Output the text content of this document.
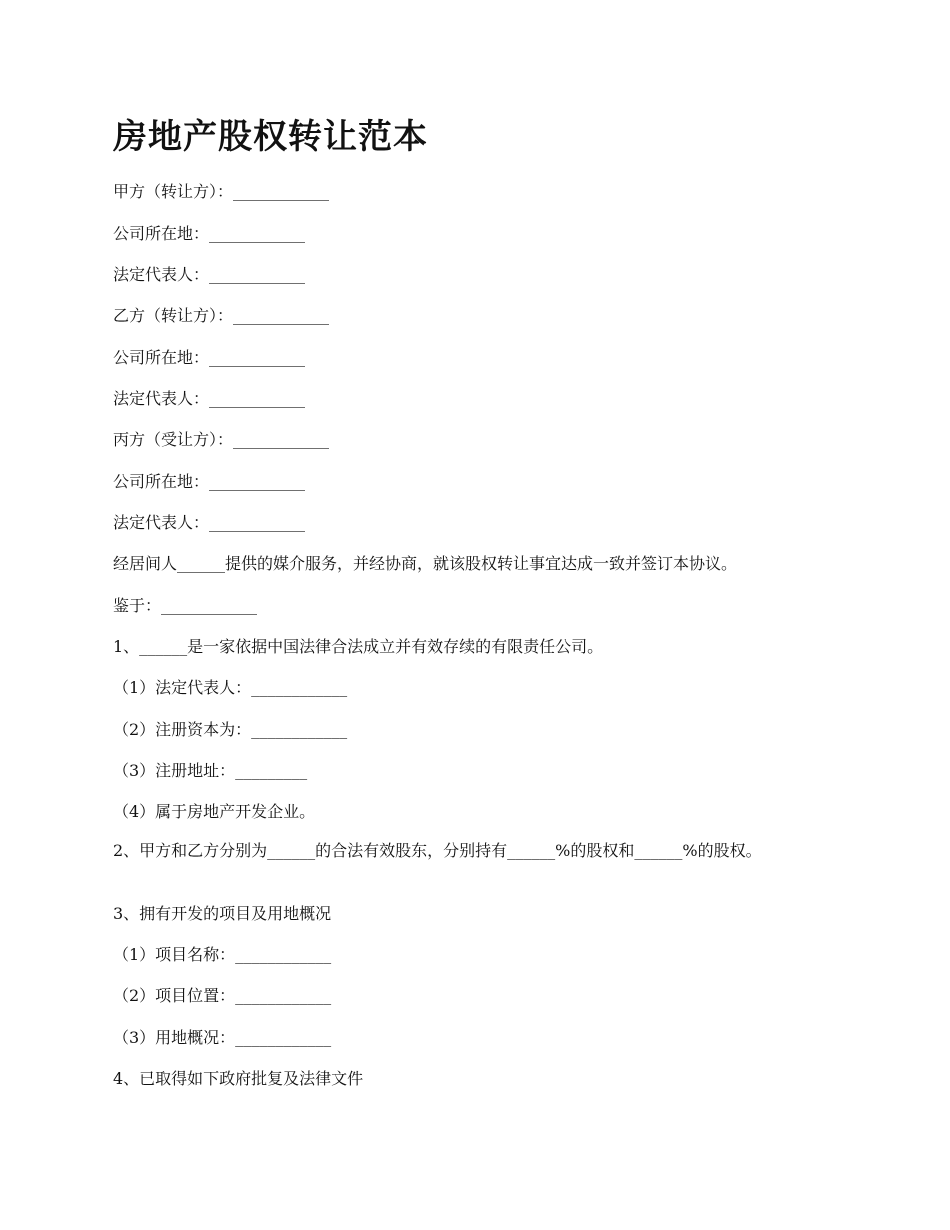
房地产股权转让范本

甲方（转让方）：____________

公司所在地：____________

法定代表人：____________

乙方（转让方）：____________

公司所在地：____________

法定代表人：____________

丙方（受让方）：____________

公司所在地：____________

法定代表人：____________

经居间人______提供的媒介服务，并经协商，就该股权转让事宜达成一致并签订本协议。

鉴于：____________

1、______是一家依据中国法律合法成立并有效存续的有限责任公司。

（1）法定代表人：____________

（2）注册资本为：____________

（3）注册地址：_________

（4）属于房地产开发企业。

2、甲方和乙方分别为______的合法有效股东，分别持有______%的股权和______%的股权。

3、拥有开发的项目及用地概况

（1）项目名称：____________

（2）项目位置：____________

（3）用地概况：____________

4、已取得如下政府批复及法律文件
